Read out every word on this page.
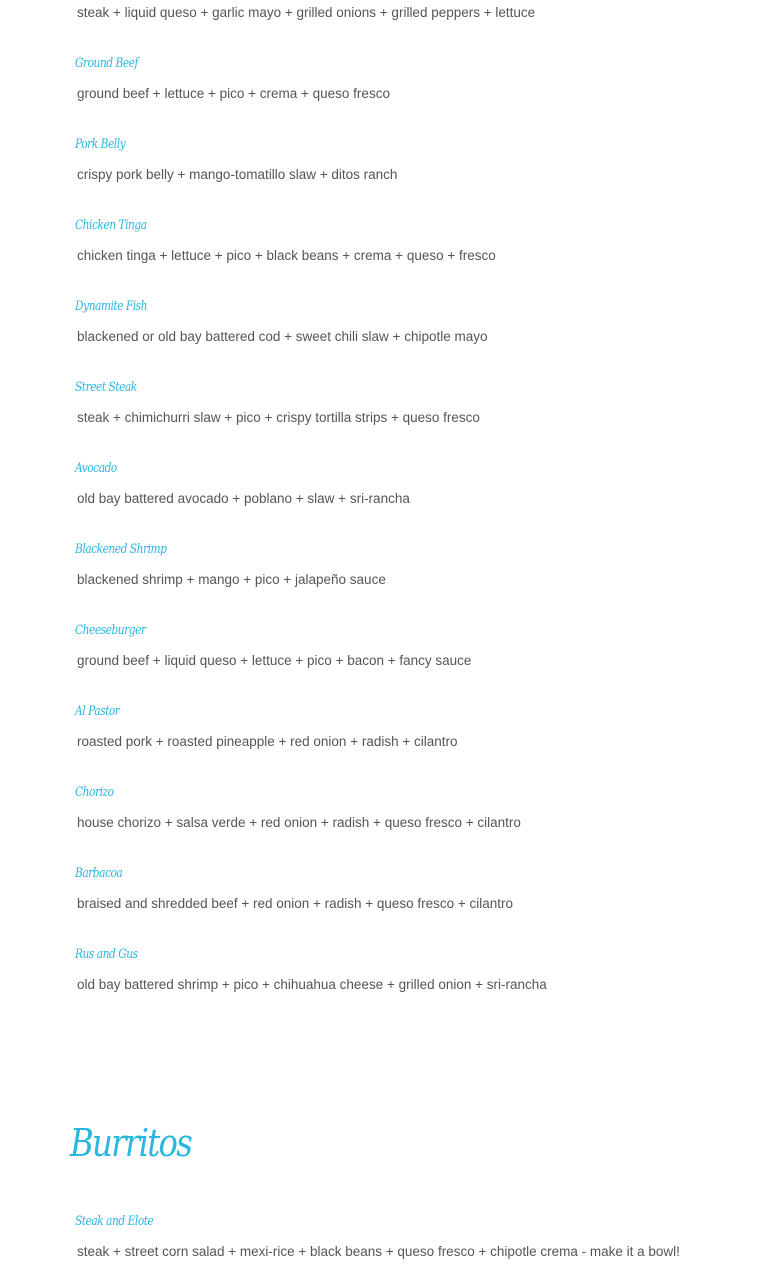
steak + liquid queso + garlic mayo + grilled onions + grilled peppers + lettuce

Ground Beef

ground beef + lettuce + pico + crema + queso fresco

Pork Belly

crispy pork belly + mango-tomatillo slaw + ditos ranch

Chicken Tinga

chicken tinga + lettuce + pico + black beans + crema + queso + fresco

Dynamite Fish

blackened or old bay battered cod + sweet chili slaw + chipotle mayo

Street Steak

steak + chimichurri slaw + pico + crispy tortilla strips + queso fresco

Avocado

old bay battered avocado + poblano + slaw + sri-rancha

Blackened Shrimp

blackened shrimp + mango + pico + jalapeño sauce

Cheeseburger

ground beef + liquid queso + lettuce + pico + bacon + fancy sauce

Al Pastor

roasted pork + roasted pineapple + red onion + radish + cilantro

Chorizo

house chorizo + salsa verde + red onion + radish + queso fresco + cilantro

Barbacoa

braised and shredded beef + red onion + radish + queso fresco + cilantro

Rus and Gus

old bay battered shrimp + pico + chihuahua cheese + grilled onion + sri-rancha

Burritos
Steak and Elote

steak + street corn salad + mexi-rice + black beans + queso fresco + chipotle crema - make it a bowl!
